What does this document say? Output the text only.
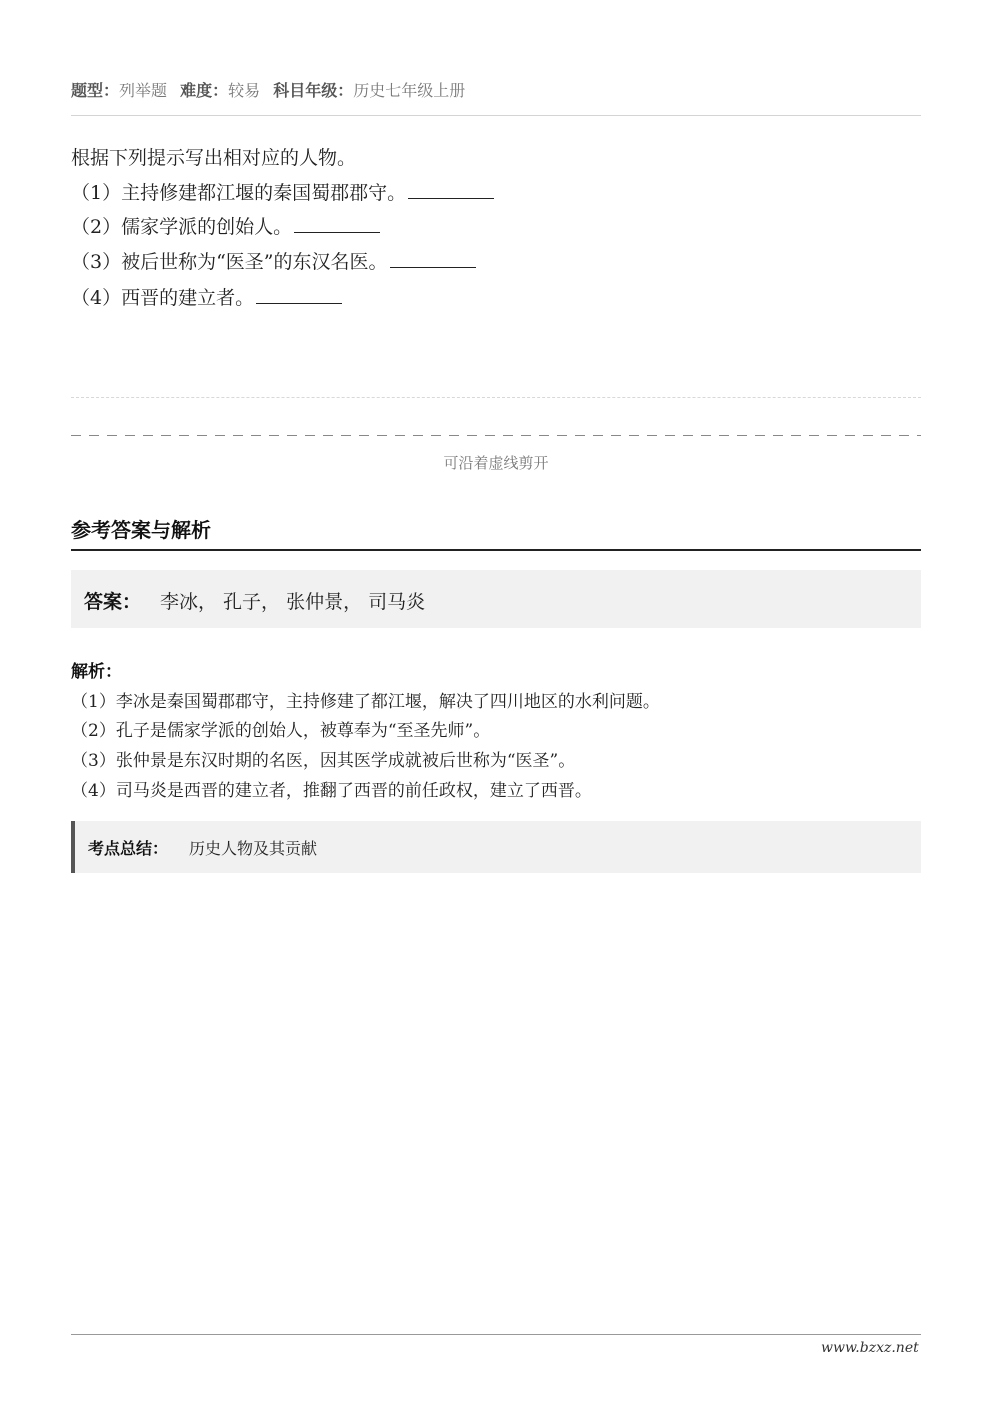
题型：列举题 难度：较易 科目年级：历史七年级上册
根据下列提示写出相对应的人物。
（1）主持修建都江堰的秦国蜀郡郡守。
（2）儒家学派的创始人。
（3）被后世称为“医圣”的东汉名医。
（4）西晋的建立者。
可沿着虚线剪开
参考答案与解析
答案： 李冰， 孔子， 张仲景， 司马炎
解析：
（1）李冰是秦国蜀郡郡守，主持修建了都江堰，解决了四川地区的水利问题。
（2）孔子是儒家学派的创始人，被尊奉为“至圣先师”。
（3）张仲景是东汉时期的名医，因其医学成就被后世称为“医圣”。
（4）司马炎是西晋的建立者，推翻了西晋的前任政权，建立了西晋。
考点总结： 历史人物及其贡献
www.bzxz.net
